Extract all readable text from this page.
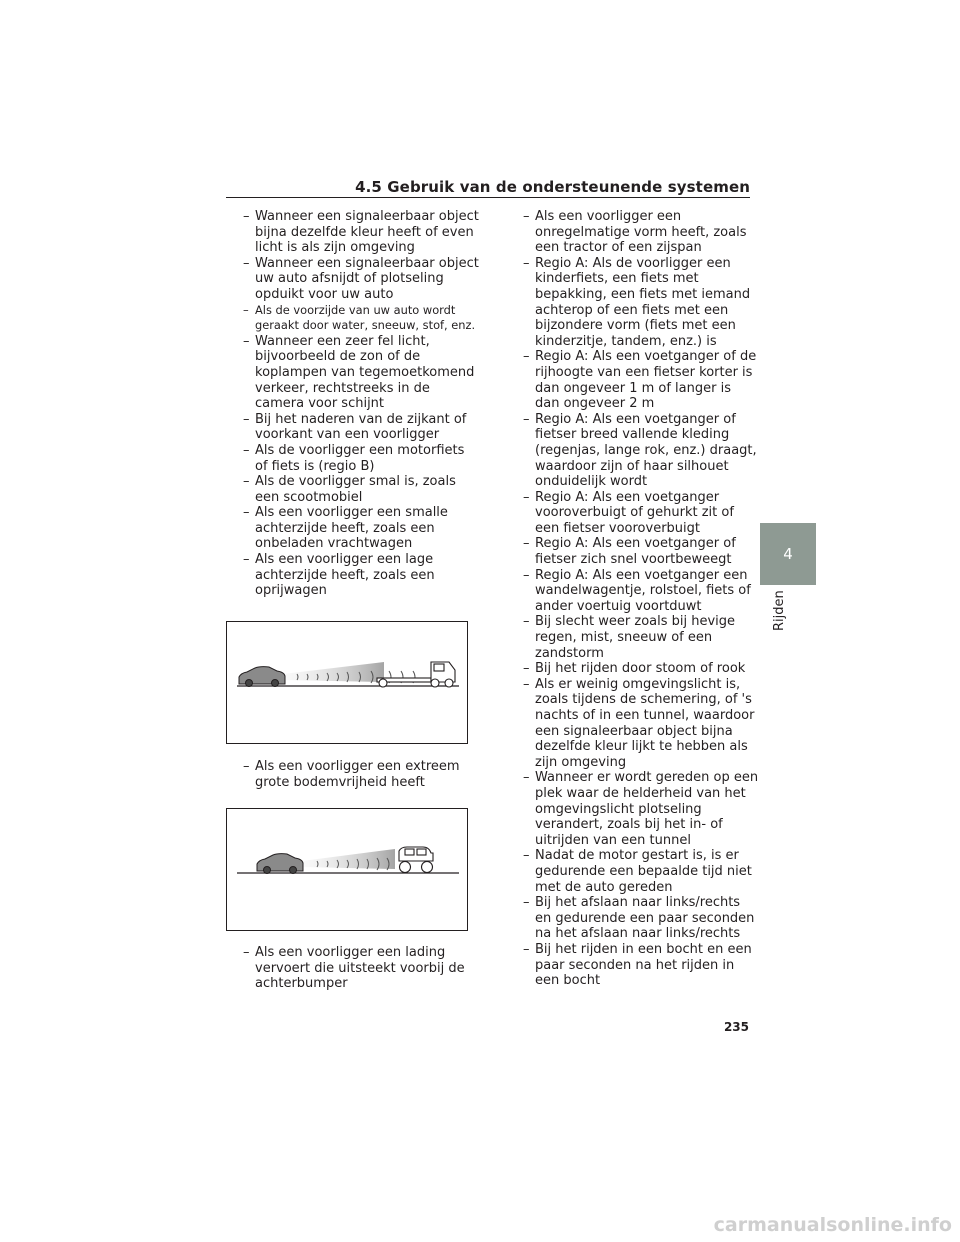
4.5 Gebruik van de ondersteunende systemen

– Wanneer een signaleerbaar object bijna dezelfde kleur heeft of even licht is als zijn omgeving

– Wanneer een signaleerbaar object uw auto afsnijdt of plotseling opduikt voor uw auto

– Als de voorzijde van uw auto wordt geraakt door water, sneeuw, stof, enz.

– Wanneer een zeer fel licht, bijvoorbeeld de zon of de koplampen van tegemoetkomend verkeer, rechtstreeks in de camera voor schijnt

– Bij het naderen van de zijkant of voorkant van een voorligger

– Als de voorligger een motorfiets of fiets is (regio B)

– Als de voorligger smal is, zoals een scootmobiel

– Als een voorligger een smalle achterzijde heeft, zoals een onbeladen vrachtwagen

– Als een voorligger een lage achterzijde heeft, zoals een oprijwagen

– Als een voorligger een extreem grote bodemvrijheid heeft

– Als een voorligger een lading vervoert die uitsteekt voorbij de achterbumper

– Als een voorligger een onregelmatige vorm heeft, zoals een tractor of een zijspan

– Regio A: Als de voorligger een kinderfiets, een fiets met bepakking, een fiets met iemand achterop of een fiets met een bijzondere vorm (fiets met een kinderzitje, tandem, enz.) is

– Regio A: Als een voetganger of de rijhoogte van een fietser korter is dan ongeveer 1 m of langer is dan ongeveer 2 m

– Regio A: Als een voetganger of fietser breed vallende kleding (regenjas, lange rok, enz.) draagt, waardoor zijn of haar silhouet onduidelijk wordt

– Regio A: Als een voetganger vooroverbuigt of gehurkt zit of een fietser vooroverbuigt

– Regio A: Als een voetganger of fietser zich snel voortbeweegt

– Regio A: Als een voetganger een wandelwagentje, rolstoel, fiets of ander voertuig voortduwt

– Bij slecht weer zoals bij hevige regen, mist, sneeuw of een zandstorm

– Bij het rijden door stoom of rook

– Als er weinig omgevingslicht is, zoals tijdens de schemering, of 's nachts of in een tunnel, waardoor een signaleerbaar object bijna dezelfde kleur lijkt te hebben als zijn omgeving

– Wanneer er wordt gereden op een plek waar de helderheid van het omgevingslicht plotseling verandert, zoals bij het in- of uitrijden van een tunnel

– Nadat de motor gestart is, is er gedurende een bepaalde tijd niet met de auto gereden

– Bij het afslaan naar links/rechts en gedurende een paar seconden na het afslaan naar links/rechts

– Bij het rijden in een bocht en een paar seconden na het rijden in een bocht

4
Rijden
235
carmanualsonline.info
